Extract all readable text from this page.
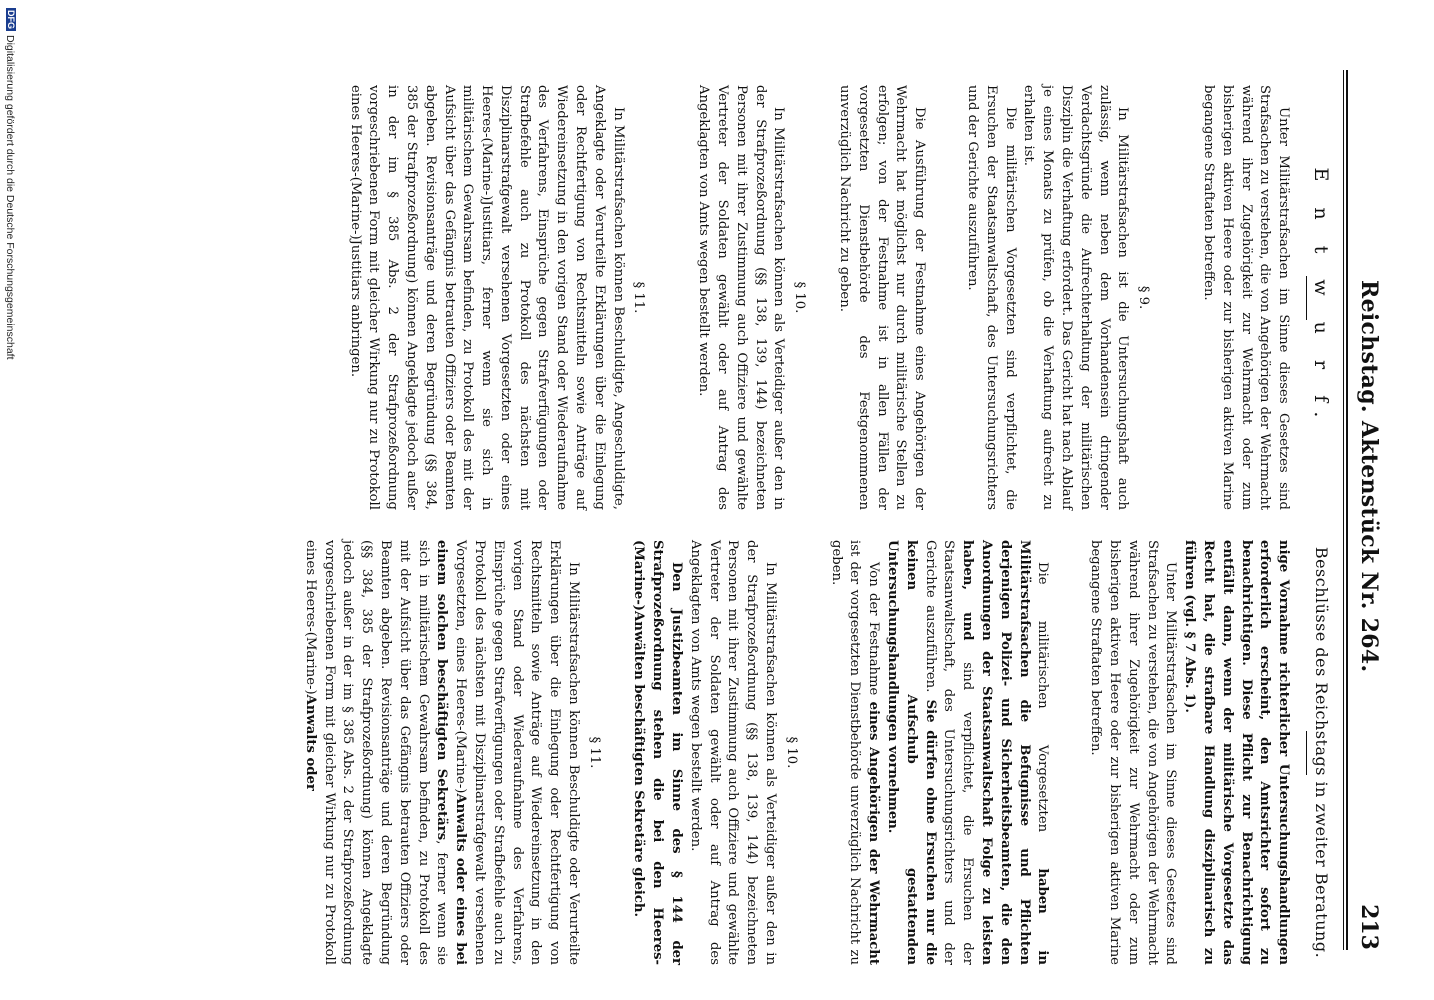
Reichstag. Aktenstück Nr. 264.
213
E n t w u r f.

Unter Militärstrafsachen im Sinne dieses Gesetzes sind Strafsachen zu verstehen, die von Angehörigen der Wehrmacht während ihrer Zugehörigkeit zur Wehrmacht oder zum bisherigen aktiven Heere oder zur bisherigen aktiven Marine begangene Straftaten betreffen.

§ 9.

In Militärstrafsachen ist die Untersuchungshaft auch zulässig, wenn neben dem Vorhandensein dringender Verdachtsgründe die Aufrechterhaltung der militärischen Disziplin die Verhaftung erfordert. Das Gericht hat nach Ablauf je eines Monats zu prüfen, ob die Verhaftung aufrecht zu erhalten ist.

Die militärischen Vorgesetzten sind verpflichtet, die Ersuchen der Staatsanwaltschaft, des Untersuchungsrichters und der Gerichte auszuführen.

Die Ausführung der Festnahme eines Angehörigen der Wehrmacht hat möglichst nur durch militärische Stellen zu erfolgen; von der Festnahme ist in allen Fällen der vorgesetzten Dienstbehörde des Festgenommenen unverzüglich Nachricht zu geben.

§ 10.

In Militärstrafsachen können als Verteidiger außer den in der Strafprozeßordnung (§§ 138, 139, 144) bezeichneten Personen mit ihrer Zustimmung auch Offiziere und gewählte Vertreter der Soldaten gewählt oder auf Antrag des Angeklagten von Amts wegen bestellt werden.

§ 11.

In Militärstrafsachen können Beschuldigte, Angeschuldigte, Angeklagte oder Verurteilte Erklärungen über die Einlegung oder Rechtfertigung von Rechtsmitteln sowie Anträge auf Wiedereinsetzung in den vorigen Stand oder Wiederaufnahme des Verfahrens, Einsprüche gegen Strafverfügungen oder Strafbefehle auch zu Protokoll des nächsten mit Disziplinarstrafgewalt versehenen Vorgesetzten oder eines Heeres-(Marine-)Justitiars, ferner wenn sie sich in militärischem Gewahrsam befinden, zu Protokoll des mit der Aufsicht über das Gefängnis betrauten Offiziers oder Beamten abgeben. Revisionsanträge und deren Begründung (§§ 384, 385 der Strafprozeßordnung) können Angeklagte jedoch außer in der im § 385 Abs. 2 der Strafprozeßordnung vorgeschriebenen Form mit gleicher Wirkung nur zu Protokoll eines Heeres-(Marine-)Justitiars anbringen.

Beschlüsse des Reichstags in zweiter Beratung.

nige Vornahme richterlicher Untersuchungshandlungen erforderlich erscheint, den Amtsrichter sofort zu benachrichtigen. Diese Pflicht zur Benachrichtigung entfällt dann, wenn der militärische Vorgesetzte das Recht hat, die strafbare Handlung disziplinarisch zu führen (vgl. § 7 Abs. 1).

Unter Militärstrafsachen im Sinne dieses Gesetzes sind Strafsachen zu verstehen, die von Angehörigen der Wehrmacht während ihrer Zugehörigkeit zur Wehrmacht oder zum bisherigen aktiven Heere oder zur bisherigen aktiven Marine begangene Straftaten betreffen.

Die militärischen Vorgesetzten haben in Militärstrafsachen die Befugnisse und Pflichten derjenigen Polizei- und Sicherheitsbeamten, die den Anordnungen der Staatsanwaltschaft Folge zu leisten haben, und sind verpflichtet, die Ersuchen der Staatsanwaltschaft, des Untersuchungsrichters und der Gerichte auszuführen. Sie dürfen ohne Ersuchen nur die keinen Aufschub gestattenden Untersuchungshandlungen vornehmen.

Von der Festnahme eines Angehörigen der Wehrmacht ist der vorgesetzten Dienstbehörde unverzüglich Nachricht zu geben.

§ 10.

In Militärstrafsachen können als Verteidiger außer den in der Strafprozeßordnung (§§ 138, 139, 144) bezeichneten Personen mit ihrer Zustimmung auch Offiziere und gewählte Vertreter der Soldaten gewählt oder auf Antrag des Angeklagten von Amts wegen bestellt werden.

Den Justizbeamten im Sinne des § 144 der Strafprozeßordnung stehen die bei den Heeres-(Marine-)Anwälten beschäftigten Sekretäre gleich.

§ 11.

In Militärstrafsachen können Beschuldigte oder Verurteilte Erklärungen über die Einlegung oder Rechtfertigung von Rechtsmitteln sowie Anträge auf Wiedereinsetzung in den vorigen Stand oder Wiederaufnahme des Verfahrens, Einsprüche gegen Strafverfügungen oder Strafbefehle auch zu Protokoll des nächsten mit Disziplinarstrafgewalt versehenen Vorgesetzten, eines Heeres-(Marine-)Anwalts oder eines bei einem solchen beschäftigten Sekretärs, ferner wenn sie sich in militärischem Gewahrsam befinden, zu Protokoll des mit der Aufsicht über das Gefängnis betrauten Offiziers oder Beamten abgeben. Revisionsanträge und deren Begründung (§§ 384, 385 der Strafprozeßordnung) können Angeklagte jedoch außer in der im § 385 Abs. 2 der Strafprozeßordnung vorgeschriebenen Form mit gleicher Wirkung nur zu Protokoll eines Heeres-(Marine-)Anwalts oder

DFGDigitalisierung gefördert durch die Deutsche Forschungsgemeinschaft
